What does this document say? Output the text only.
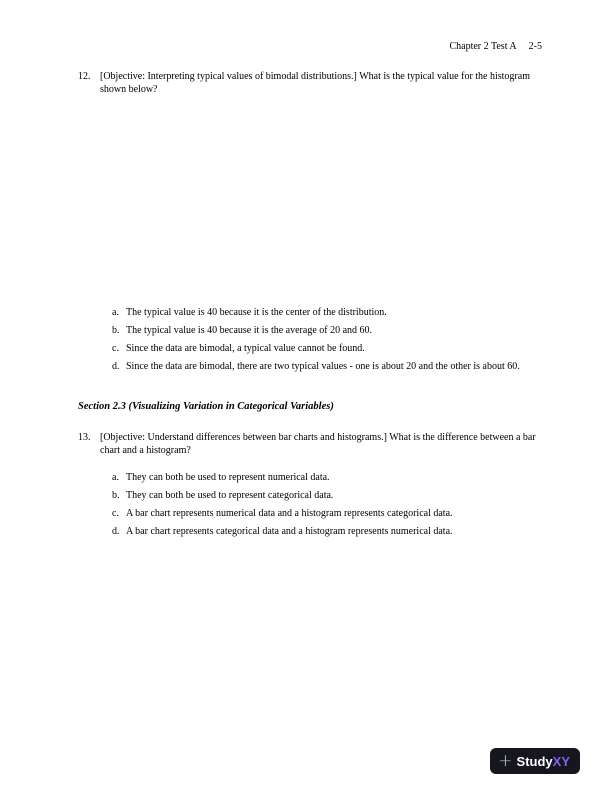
Chapter 2 Test A 2-5
12. [Objective: Interpreting typical values of bimodal distributions.] What is the typical value for the histogram shown below?
a. The typical value is 40 because it is the center of the distribution.
b. The typical value is 40 because it is the average of 20 and 60.
c. Since the data are bimodal, a typical value cannot be found.
d. Since the data are bimodal, there are two typical values - one is about 20 and the other is about 60.
Section 2.3 (Visualizing Variation in Categorical Variables)
13. [Objective: Understand differences between bar charts and histograms.] What is the difference between a bar chart and a histogram?
a. They can both be used to represent numerical data.
b. They can both be used to represent categorical data.
c. A bar chart represents numerical data and a histogram represents categorical data.
d. A bar chart represents categorical data and a histogram represents numerical data.
+ Study XY
